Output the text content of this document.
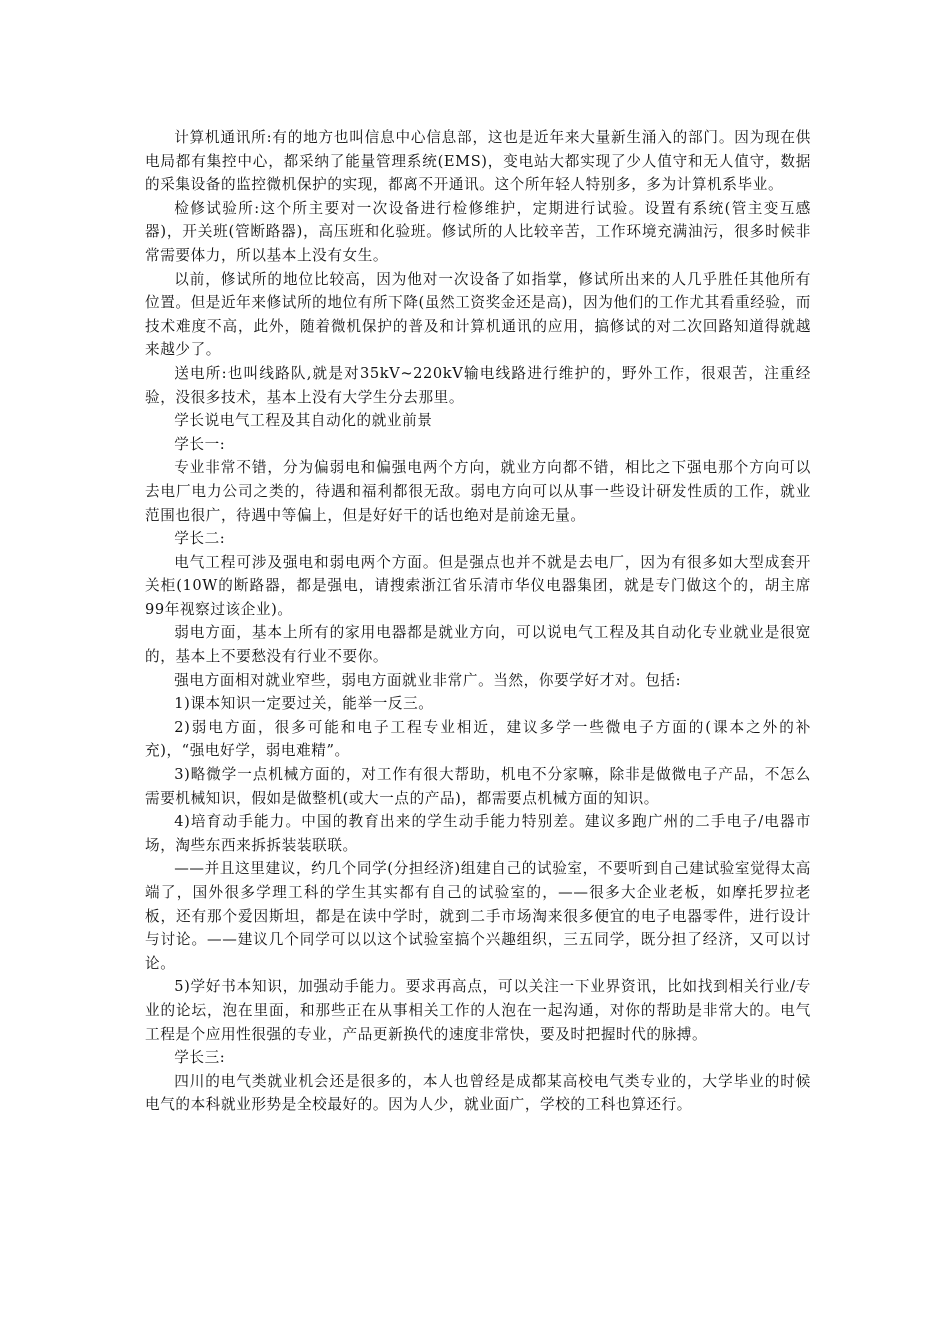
计算机通讯所:有的地方也叫信息中心信息部，这也是近年来大量新生涌入的部门。因为现在供电局都有集控中心，都采纳了能量管理系统(EMS)，变电站大都实现了少人值守和无人值守，数据的采集设备的监控微机保护的实现，都离不开通讯。这个所年轻人特别多，多为计算机系毕业。

检修试验所:这个所主要对一次设备进行检修维护，定期进行试验。设置有系统(管主变互感器)，开关班(管断路器)，高压班和化验班。修试所的人比较辛苦，工作环境充满油污，很多时候非常需要体力，所以基本上没有女生。

以前，修试所的地位比较高，因为他对一次设备了如指掌，修试所出来的人几乎胜任其他所有位置。但是近年来修试所的地位有所下降(虽然工资奖金还是高)，因为他们的工作尤其看重经验，而技术难度不高，此外，随着微机保护的普及和计算机通讯的应用，搞修试的对二次回路知道得就越来越少了。

送电所:也叫线路队,就是对35kV~220kV输电线路进行维护的，野外工作，很艰苦，注重经验，没很多技术，基本上没有大学生分去那里。

学长说电气工程及其自动化的就业前景

学长一:

专业非常不错，分为偏弱电和偏强电两个方向，就业方向都不错，相比之下强电那个方向可以去电厂电力公司之类的，待遇和福利都很无敌。弱电方向可以从事一些设计研发性质的工作，就业范围也很广，待遇中等偏上，但是好好干的话也绝对是前途无量。

学长二:

电气工程可涉及强电和弱电两个方面。但是强点也并不就是去电厂，因为有很多如大型成套开关柜(10W的断路器，都是强电，请搜索浙江省乐清市华仪电器集团，就是专门做这个的，胡主席99年视察过该企业)。

弱电方面，基本上所有的家用电器都是就业方向，可以说电气工程及其自动化专业就业是很宽的，基本上不要愁没有行业不要你。

强电方面相对就业窄些，弱电方面就业非常广。当然，你要学好才对。包括:

1)课本知识一定要过关，能举一反三。

2)弱电方面，很多可能和电子工程专业相近，建议多学一些微电子方面的(课本之外的补充)，“强电好学，弱电难精”。

3)略微学一点机械方面的，对工作有很大帮助，机电不分家嘛，除非是做微电子产品，不怎么需要机械知识，假如是做整机(或大一点的产品)，都需要点机械方面的知识。

4)培育动手能力。中国的教育出来的学生动手能力特别差。建议多跑广州的二手电子/电器市场，淘些东西来拆拆装装联联。

——并且这里建议，约几个同学(分担经济)组建自己的试验室，不要听到自己建试验室觉得太高端了，国外很多学理工科的学生其实都有自己的试验室的，——很多大企业老板，如摩托罗拉老板，还有那个爱因斯坦，都是在读中学时，就到二手市场淘来很多便宜的电子电器零件，进行设计与讨论。——建议几个同学可以以这个试验室搞个兴趣组织，三五同学，既分担了经济，又可以讨论。

5)学好书本知识，加强动手能力。要求再高点，可以关注一下业界资讯，比如找到相关行业/专业的论坛，泡在里面，和那些正在从事相关工作的人泡在一起沟通，对你的帮助是非常大的。电气工程是个应用性很强的专业，产品更新换代的速度非常快，要及时把握时代的脉搏。

学长三:

四川的电气类就业机会还是很多的，本人也曾经是成都某高校电气类专业的，大学毕业的时候电气的本科就业形势是全校最好的。因为人少，就业面广，学校的工科也算还行。
